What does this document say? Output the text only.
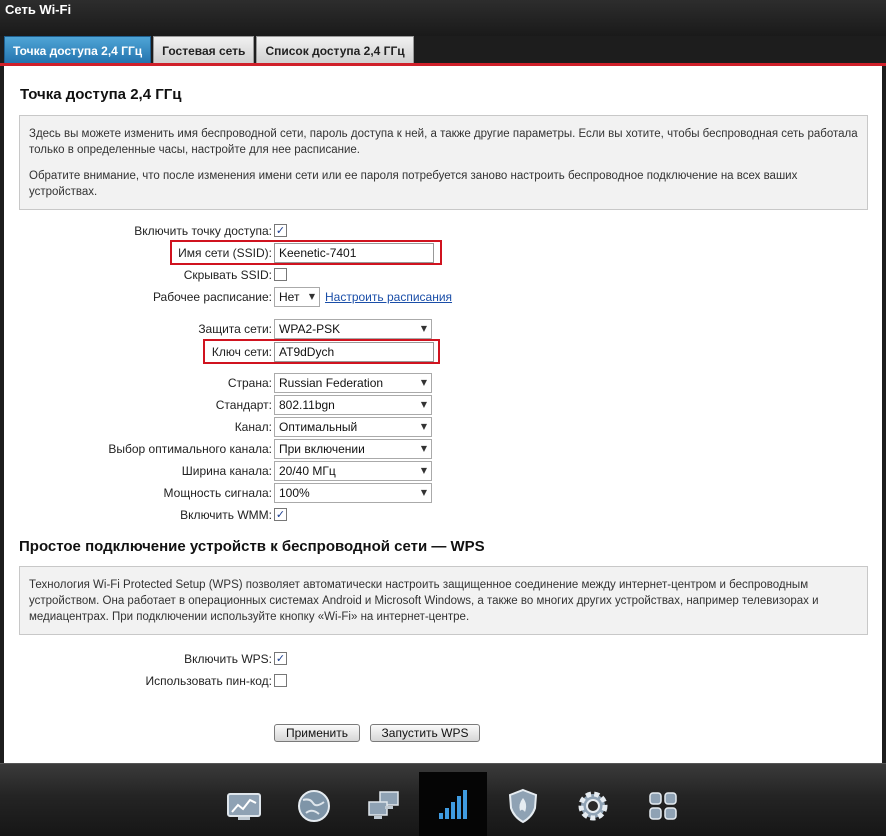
Сеть Wi-Fi
Точка доступа 2,4 ГГц	Гостевая сеть	Список доступа 2,4 ГГц
Точка доступа 2,4 ГГц

Здесь вы можете изменить имя беспроводной сети, пароль доступа к ней, а также другие параметры. Если вы хотите, чтобы беспроводная сеть работала только в определенные часы, настройте для нее расписание.

Обратите внимание, что после изменения имени сети или ее пароля потребуется заново настроить беспроводное подключение на всех ваших устройствах.

Включить точку доступа: ✓
Имя сети (SSID): Keenetic-7401
Скрывать SSID:
Рабочее расписание: Нет ▼ Настроить расписания
Защита сети: WPA2-PSK	▼
Ключ сети: AT9dDych
Страна: Russian Federation	▼
Стандарт: 802.11bgn	▼
Канал: Оптимальный	▼
Выбор оптимального канала: При включении	▼
Ширина канала: 20/40 МГц	▼
Мощность сигнала: 100%	▼
Включить WMM: ✓
Простое подключение устройств к беспроводной сети — WPS

Технология Wi-Fi Protected Setup (WPS) позволяет автоматически настроить защищенное соединение между интернет-центром и беспроводным устройством. Она работает в операционных системах Android и Microsoft Windows, а также во многих других устройствах, например телевизорах и медиацентрах. При подключении используйте кнопку «Wi-Fi» на интернет-центре.

Включить WPS: ✓
Использовать пин-код:
Применить	Запустить WPS
